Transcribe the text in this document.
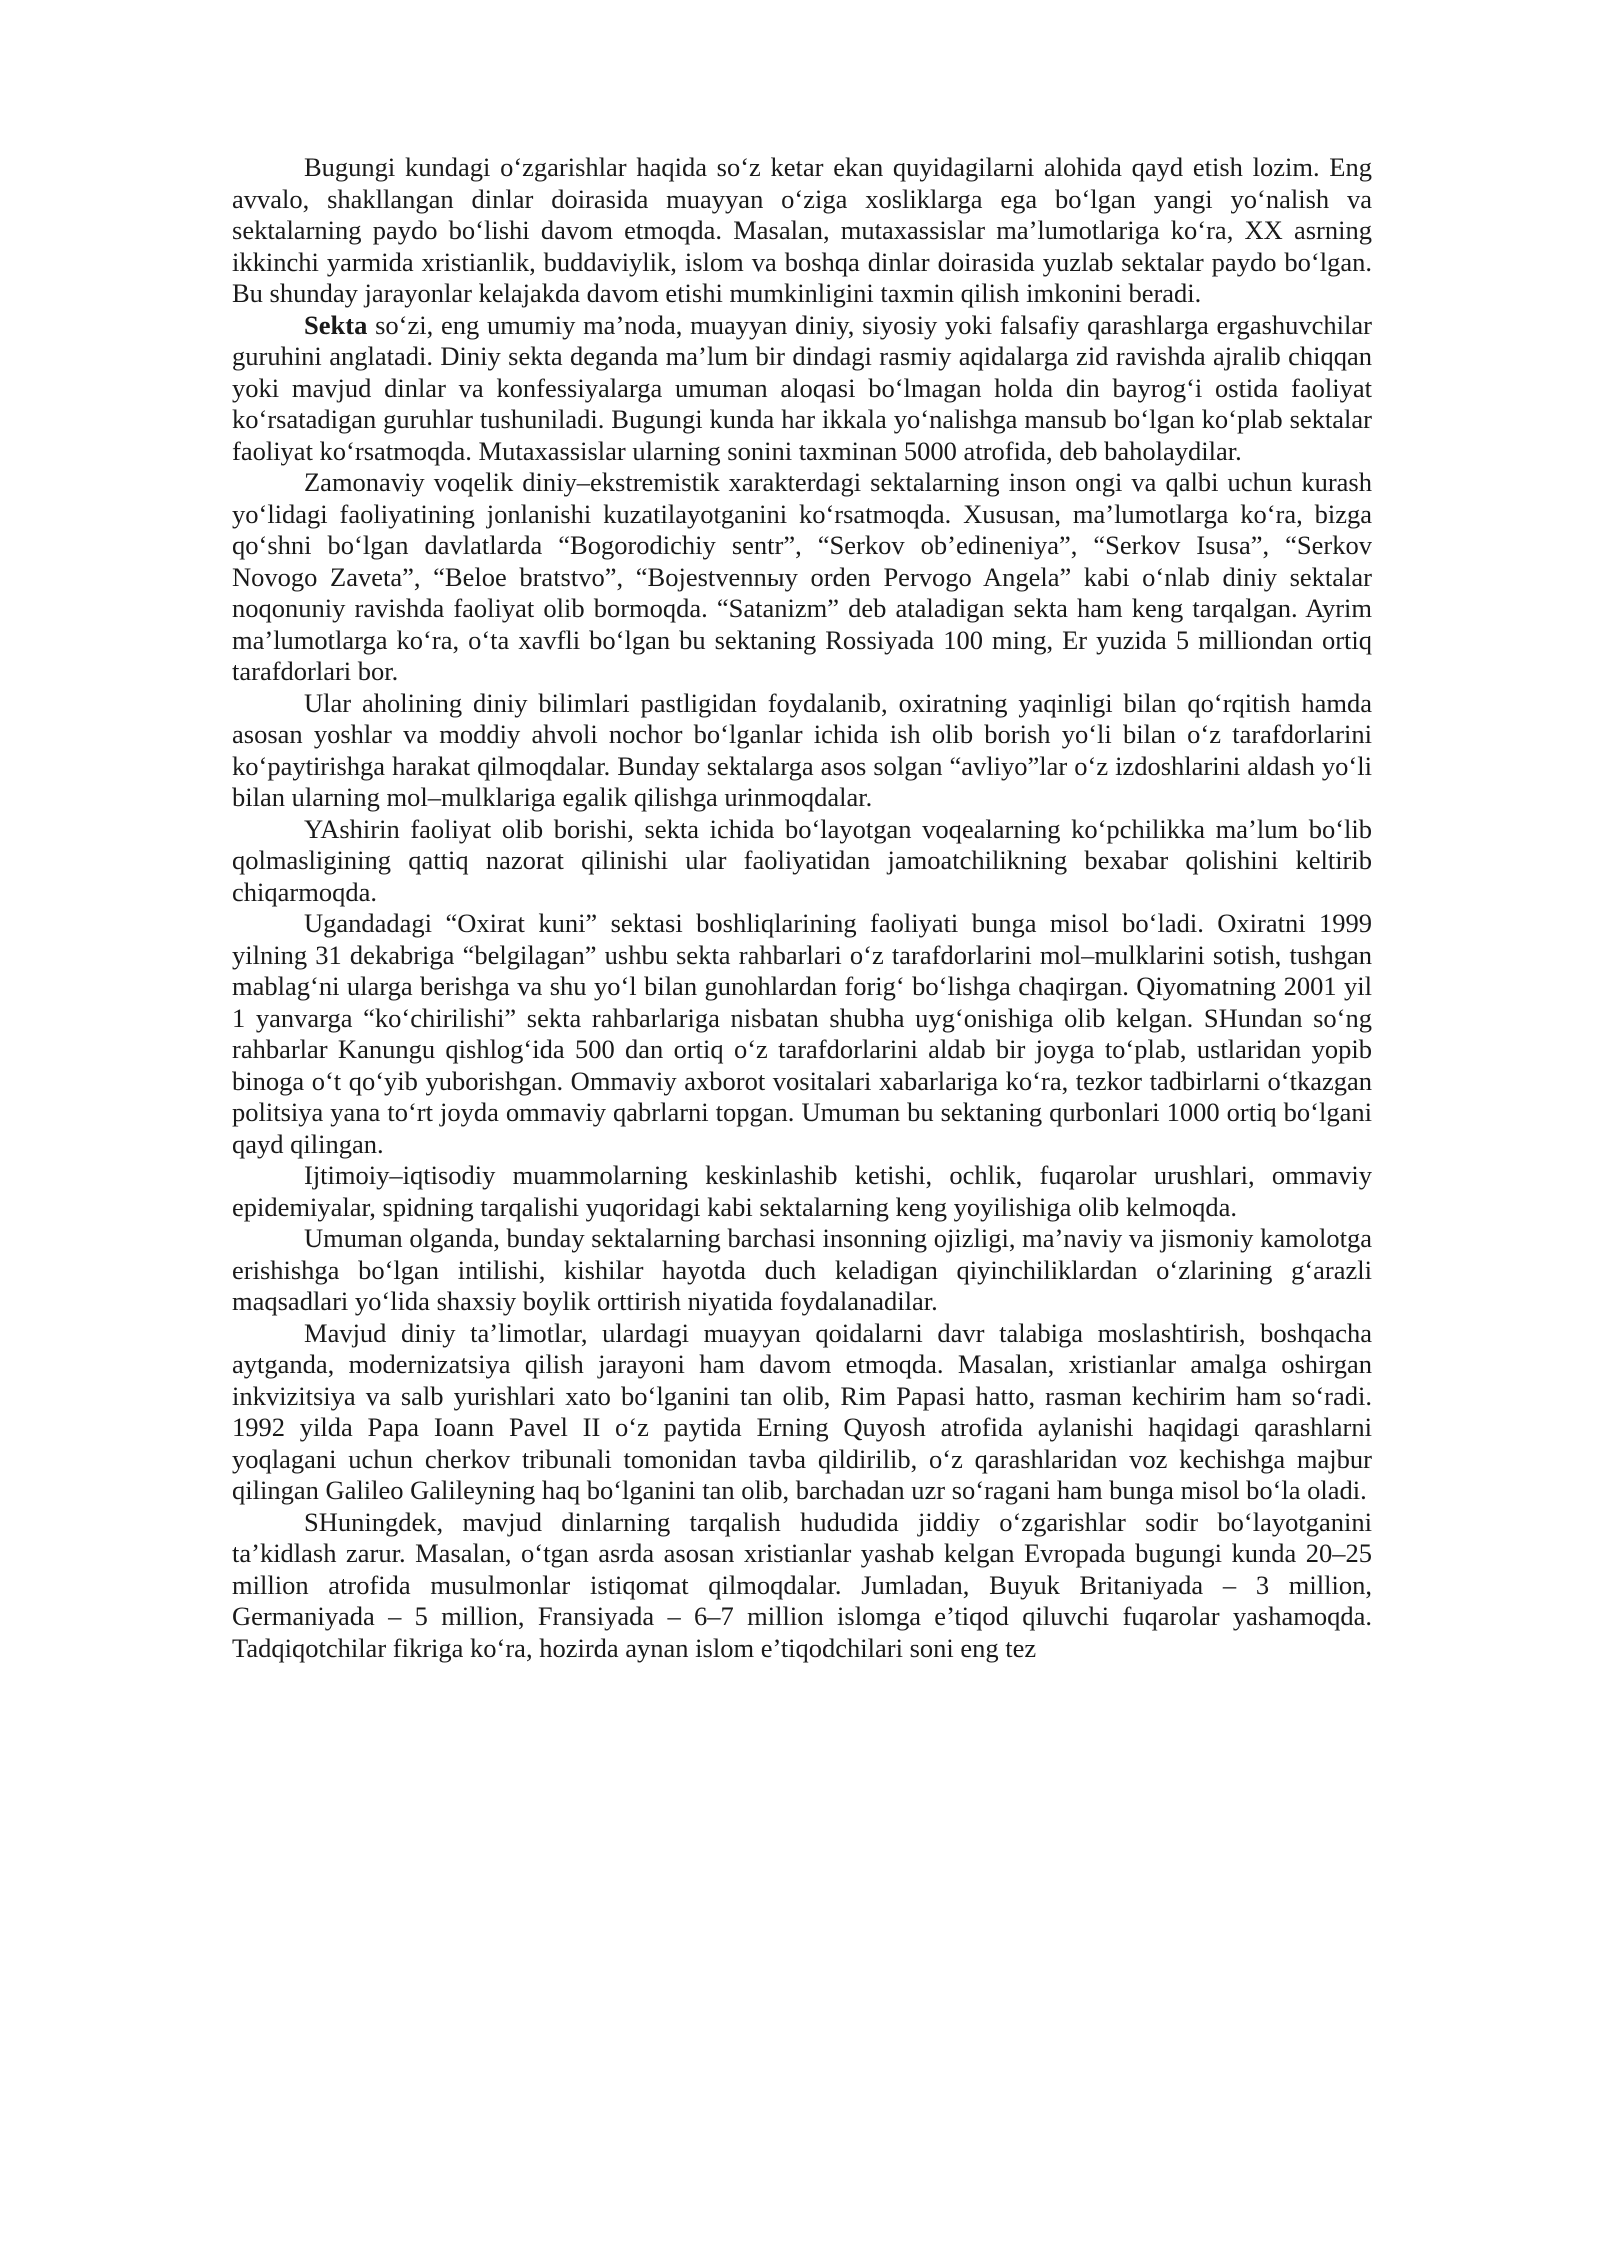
Bugungi kundagi o‘zgarishlar haqida so‘z ketar ekan quyidagilarni alohida qayd etish lozim. Eng avvalo, shakllangan dinlar doirasida muayyan o‘ziga xosliklarga ega bo‘lgan yangi yo‘nalish va sektalarning paydo bo‘lishi davom etmoqda. Masalan, mutaxassislar ma’lumotlariga ko‘ra, XX asrning ikkinchi yarmida xristianlik, buddaviylik, islom va boshqa dinlar doirasida yuzlab sektalar paydo bo‘lgan. Bu shunday jarayonlar kelajakda davom etishi mumkinligini taxmin qilish imkonini beradi.

Sekta so‘zi, eng umumiy ma’noda, muayyan diniy, siyosiy yoki falsafiy qarashlarga ergashuvchilar guruhini anglatadi. Diniy sekta deganda ma’lum bir dindagi rasmiy aqidalarga zid ravishda ajralib chiqqan yoki mavjud dinlar va konfessiyalarga umuman aloqasi bo‘lmagan holda din bayrog‘i ostida faoliyat ko‘rsatadigan guruhlar tushuniladi. Bugungi kunda har ikkala yo‘nalishga mansub bo‘lgan ko‘plab sektalar faoliyat ko‘rsatmoqda. Mutaxassislar ularning sonini taxminan 5000 atrofida, deb baholaydilar.

Zamonaviy voqelik diniy–ekstremistik xarakterdagi sektalarning inson ongi va qalbi uchun kurash yo‘lidagi faoliyatining jonlanishi kuzatilayotganini ko‘rsatmoqda. Xususan, ma’lumotlarga ko‘ra, bizga qo‘shni bo‘lgan davlatlarda “Bogorodichiy sentr”, “Serkov ob’edineniya”, “Serkov Isusa”, “Serkov Novogo Zaveta”, “Beloe bratstvo”, “Bojestvennыy orden Pervogo Angela” kabi o‘nlab diniy sektalar noqonuniy ravishda faoliyat olib bormoqda. “Satanizm” deb ataladigan sekta ham keng tarqalgan. Ayrim ma’lumotlarga ko‘ra, o‘ta xavfli bo‘lgan bu sektaning Rossiyada 100 ming, Er yuzida 5 milliondan ortiq tarafdorlari bor.

Ular aholining diniy bilimlari pastligidan foydalanib, oxiratning yaqinligi bilan qo‘rqitish hamda asosan yoshlar va moddiy ahvoli nochor bo‘lganlar ichida ish olib borish yo‘li bilan o‘z tarafdorlarini ko‘paytirishga harakat qilmoqdalar. Bunday sektalarga asos solgan “avliyo”lar o‘z izdoshlarini aldash yo‘li bilan ularning mol–mulklariga egalik qilishga urinmoqdalar.

YAshirin faoliyat olib borishi, sekta ichida bo‘layotgan voqealarning ko‘pchilikka ma’lum bo‘lib qolmasligining qattiq nazorat qilinishi ular faoliyatidan jamoatchilikning bexabar qolishini keltirib chiqarmoqda.

Ugandadagi “Oxirat kuni” sektasi boshliqlarining faoliyati bunga misol bo‘ladi. Oxiratni 1999 yilning 31 dekabriga “belgilagan” ushbu sekta rahbarlari o‘z tarafdorlarini mol–mulklarini sotish, tushgan mablag‘ni ularga berishga va shu yo‘l bilan gunohlardan forig‘ bo‘lishga chaqirgan. Qiyomatning 2001 yil 1 yanvarga “ko‘chirilishi” sekta rahbarlariga nisbatan shubha uyg‘onishiga olib kelgan. SHundan so‘ng rahbarlar Kanungu qishlog‘ida 500 dan ortiq o‘z tarafdorlarini aldab bir joyga to‘plab, ustlaridan yopib binoga o‘t qo‘yib yuborishgan. Ommaviy axborot vositalari xabarlariga ko‘ra, tezkor tadbirlarni o‘tkazgan politsiya yana to‘rt joyda ommaviy qabrlarni topgan. Umuman bu sektaning qurbonlari 1000 ortiq bo‘lgani qayd qilingan.

Ijtimoiy–iqtisodiy muammolarning keskinlashib ketishi, ochlik, fuqarolar urushlari, ommaviy epidemiyalar, spidning tarqalishi yuqoridagi kabi sektalarning keng yoyilishiga olib kelmoqda.

Umuman olganda, bunday sektalarning barchasi insonning ojizligi, ma’naviy va jismoniy kamolotga erishishga bo‘lgan intilishi, kishilar hayotda duch keladigan qiyinchiliklardan o‘zlarining g‘arazli maqsadlari yo‘lida shaxsiy boylik orttirish niyatida foydalanadilar.

Mavjud diniy ta’limotlar, ulardagi muayyan qoidalarni davr talabiga moslashtirish, boshqacha aytganda, modernizatsiya qilish jarayoni ham davom etmoqda. Masalan, xristianlar amalga oshirgan inkvizitsiya va salb yurishlari xato bo‘lganini tan olib, Rim Papasi hatto, rasman kechirim ham so‘radi. 1992 yilda Papa Ioann Pavel II o‘z paytida Erning Quyosh atrofida aylanishi haqidagi qarashlarni yoqlagani uchun cherkov tribunali tomonidan tavba qildirilib, o‘z qarashlaridan voz kechishga majbur qilingan Galileo Galileyning haq bo‘lganini tan olib, barchadan uzr so‘ragani ham bunga misol bo‘la oladi.

SHuningdek, mavjud dinlarning tarqalish hududida jiddiy o‘zgarishlar sodir bo‘layotganini ta’kidlash zarur. Masalan, o‘tgan asrda asosan xristianlar yashab kelgan Evropada bugungi kunda 20–25 million atrofida musulmonlar istiqomat qilmoqdalar. Jumladan, Buyuk Britaniyada – 3 million, Germaniyada – 5 million, Fransiyada – 6–7 million islomga e’tiqod qiluvchi fuqarolar yashamoqda. Tadqiqotchilar fikriga ko‘ra, hozirda aynan islom e’tiqodchilari soni eng tez
